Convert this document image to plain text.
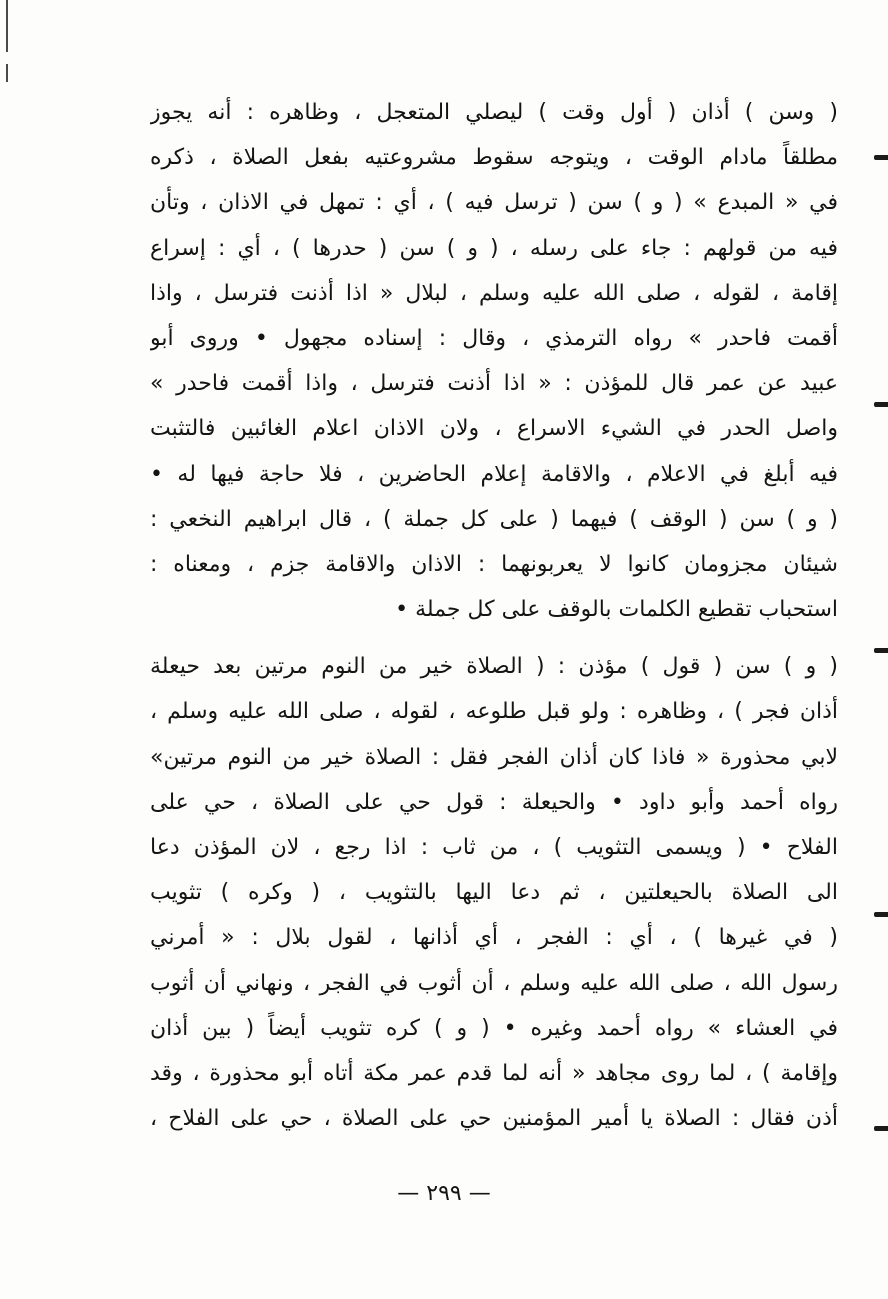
( وسن ) أذان ( أول وقت ) ليصلي المتعجل ، وظاهره : أنه يجوز
مطلقاً مادام الوقت ، ويتوجه سقوط مشروعتيه بفعل الصلاة ، ذكره
في « المبدع » ( و ) سن ( ترسل فيه ) ، أي : تمهل في الاذان ، وتأن
فيه من قولهم : جاء على رسله ، ( و ) سن ( حدرها ) ، أي : إسراع
إقامة ، لقوله ، صلى الله عليه وسلم ، لبلال « اذا أذنت فترسل ، واذا
أقمت فاحدر » رواه الترمذي ، وقال : إسناده مجهول • وروى أبو
عبيد عن عمر قال للمؤذن : « اذا أذنت فترسل ، واذا أقمت فاحدر »
واصل الحدر في الشيء الاسراع ، ولان الاذان اعلام الغائبين فالتثبت
فيه أبلغ في الاعلام ، والاقامة إعلام الحاضرين ، فلا حاجة فيها له •
( و ) سن ( الوقف ) فيهما ( على كل جملة ) ، قال ابراهيم النخعي :
شيئان مجزومان كانوا لا يعربونهما : الاذان والاقامة جزم ، ومعناه :
استحباب تقطيع الكلمات بالوقف على كل جملة •
( و ) سن ( قول ) مؤذن : ( الصلاة خير من النوم مرتين بعد حيعلة
أذان فجر ) ، وظاهره : ولو قبل طلوعه ، لقوله ، صلى الله عليه وسلم ،
لابي محذورة « فاذا كان أذان الفجر فقل : الصلاة خير من النوم مرتين»
رواه أحمد وأبو داود • والحيعلة : قول حي على الصلاة ، حي على
الفلاح • ( ويسمى التثويب ) ، من ثاب : اذا رجع ، لان المؤذن دعا
الى الصلاة بالحيعلتين ، ثم دعا اليها بالتثويب ، ( وكره ) تثويب
( في غيرها ) ، أي : الفجر ، أي أذانها ، لقول بلال : « أمرني
رسول الله ، صلى الله عليه وسلم ، أن أثوب في الفجر ، ونهاني أن أثوب
في العشاء » رواه أحمد وغيره • ( و ) كره تثويب أيضاً ( بين أذان
وإقامة ) ، لما روى مجاهد « أنه لما قدم عمر مكة أتاه أبو محذورة ، وقد
أذن فقال : الصلاة يا أمير المؤمنين حي على الصلاة ، حي على الفلاح ،
— ٢٩٩ —
